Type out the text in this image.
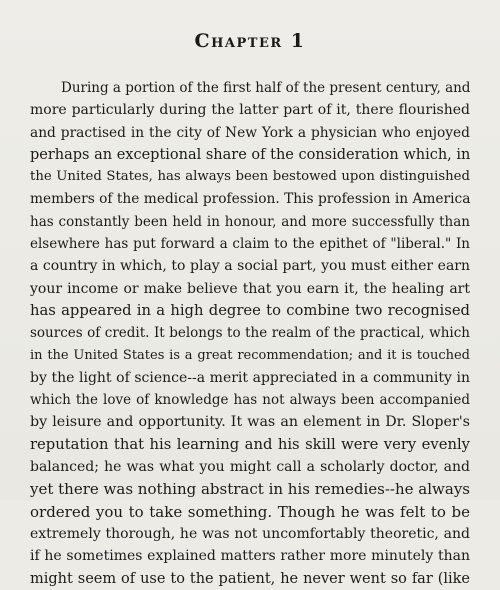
Chapter 1
During a portion of the first half of the present century, and
more particularly during the latter part of it, there flourished
and practised in the city of New York a physician who enjoyed
perhaps an exceptional share of the consideration which, in
the United States, has always been bestowed upon distinguished
members of the medical profession. This profession in America
has constantly been held in honour, and more successfully than
elsewhere has put forward a claim to the epithet of "liberal." In
a country in which, to play a social part, you must either earn
your income or make believe that you earn it, the healing art
has appeared in a high degree to combine two recognised
sources of credit. It belongs to the realm of the practical, which
in the United States is a great recommendation; and it is touched
by the light of science--a merit appreciated in a community in
which the love of knowledge has not always been accompanied
by leisure and opportunity. It was an element in Dr. Sloper's
reputation that his learning and his skill were very evenly
balanced; he was what you might call a scholarly doctor, and
yet there was nothing abstract in his remedies--he always
ordered you to take something. Though he was felt to be
extremely thorough, he was not uncomfortably theoretic, and
if he sometimes explained matters rather more minutely than
might seem of use to the patient, he never went so far (like
